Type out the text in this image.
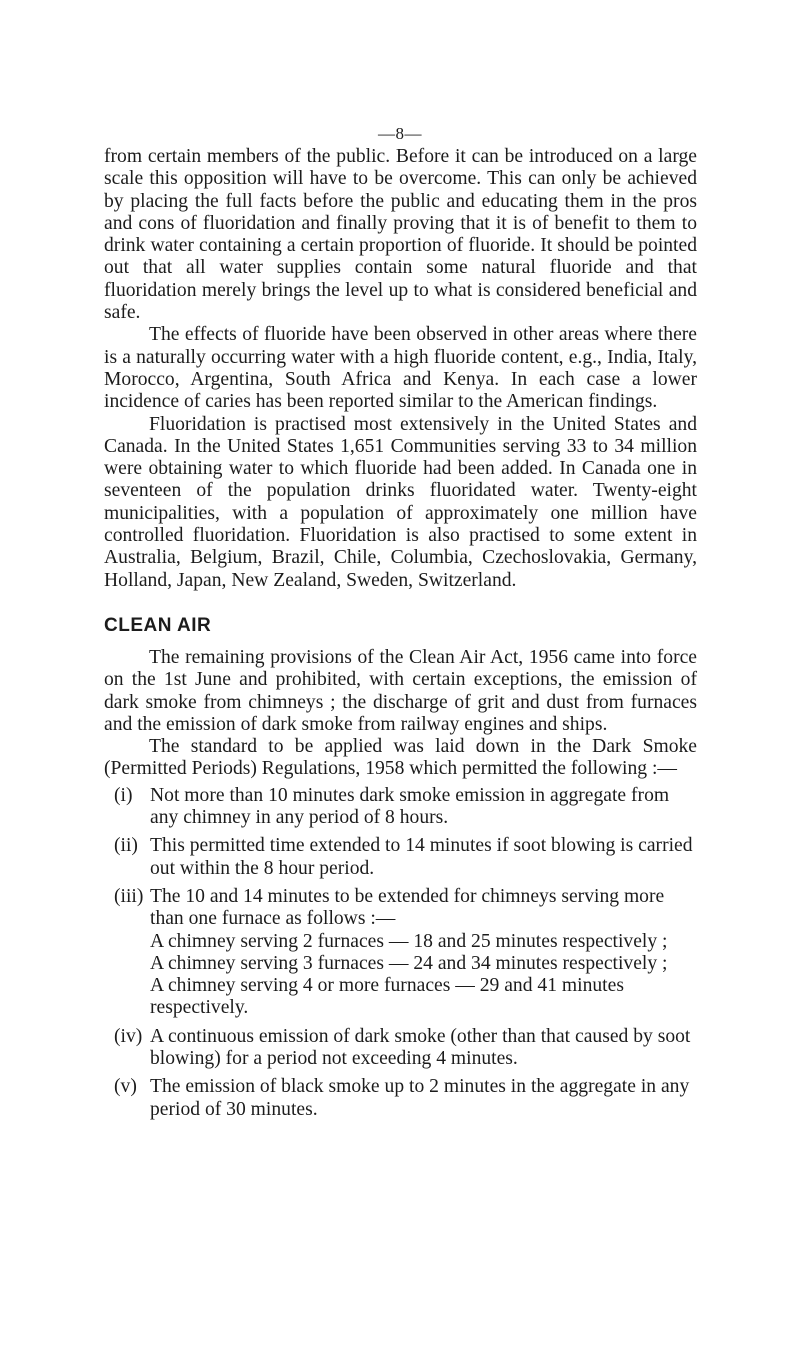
—8—

from certain members of the public. Before it can be introduced on a large scale this opposition will have to be overcome. This can only be achieved by placing the full facts before the public and educating them in the pros and cons of fluoridation and finally proving that it is of benefit to them to drink water containing a certain proportion of fluoride. It should be pointed out that all water supplies contain some natural fluoride and that fluoridation merely brings the level up to what is considered beneficial and safe.

The effects of fluoride have been observed in other areas where there is a naturally occurring water with a high fluoride content, e.g., India, Italy, Morocco, Argentina, South Africa and Kenya. In each case a lower incidence of caries has been reported similar to the American findings.

Fluoridation is practised most extensively in the United States and Canada. In the United States 1,651 Communities serving 33 to 34 million were obtaining water to which fluoride had been added. In Canada one in seventeen of the population drinks fluoridated water. Twenty-eight municipalities, with a population of approximately one million have controlled fluoridation. Fluoridation is also practised to some extent in Australia, Belgium, Brazil, Chile, Columbia, Czechoslovakia, Germany, Holland, Japan, New Zealand, Sweden, Switzerland.

CLEAN AIR

The remaining provisions of the Clean Air Act, 1956 came into force on the 1st June and prohibited, with certain exceptions, the emission of dark smoke from chimneys ; the discharge of grit and dust from furnaces and the emission of dark smoke from railway engines and ships.

The standard to be applied was laid down in the Dark Smoke (Permitted Periods) Regulations, 1958 which permitted the following :—

(i) Not more than 10 minutes dark smoke emission in aggregate from any chimney in any period of 8 hours.
(ii) This permitted time extended to 14 minutes if soot blowing is carried out within the 8 hour period.
(iii) The 10 and 14 minutes to be extended for chimneys serving more than one furnace as follows :—
A chimney serving 2 furnaces — 18 and 25 minutes respectively ;
A chimney serving 3 furnaces — 24 and 34 minutes respectively ;
A chimney serving 4 or more furnaces — 29 and 41 minutes respectively.
(iv) A continuous emission of dark smoke (other than that caused by soot blowing) for a period not exceeding 4 minutes.
(v) The emission of black smoke up to 2 minutes in the aggregate in any period of 30 minutes.
